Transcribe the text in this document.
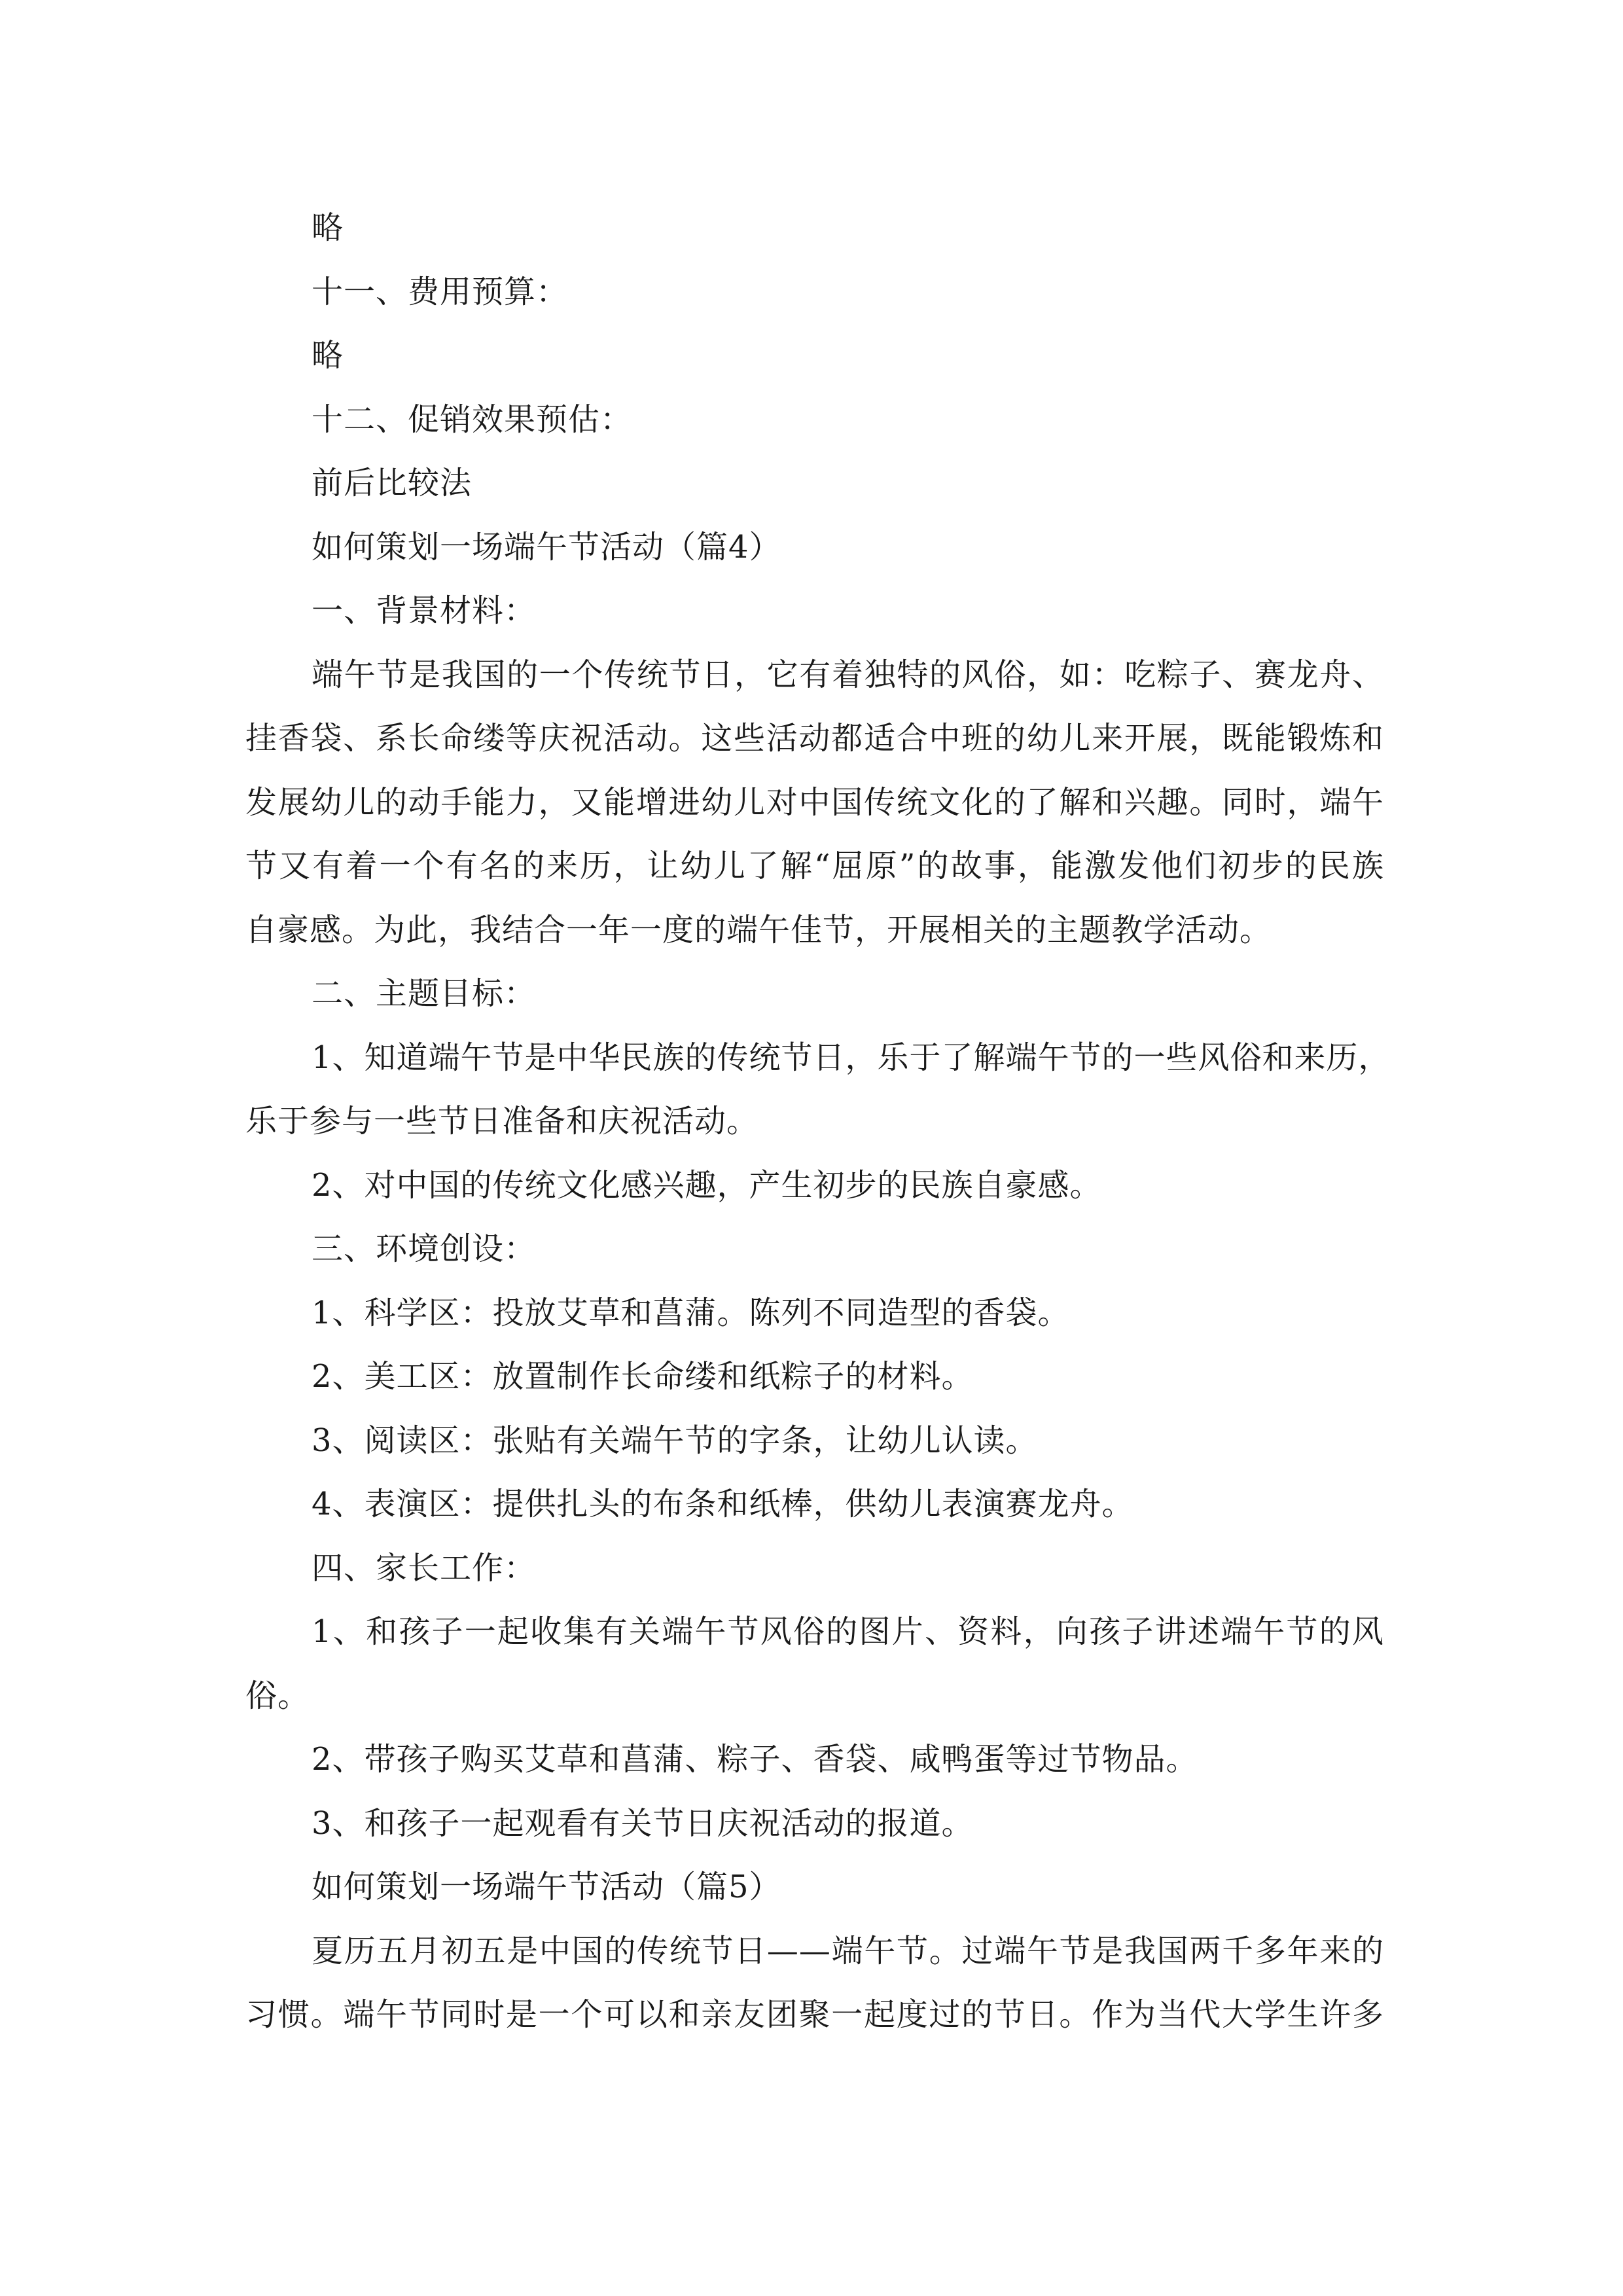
略
十一、费用预算：
略
十二、促销效果预估：
前后比较法
如何策划一场端午节活动（篇4）
一、背景材料：
端午节是我国的一个传统节日，它有着独特的风俗，如：吃粽子、赛龙舟、
挂香袋、系长命缕等庆祝活动。这些活动都适合中班的幼儿来开展，既能锻炼和
发展幼儿的动手能力，又能增进幼儿对中国传统文化的了解和兴趣。同时，端午
节又有着一个有名的来历，让幼儿了解“屈原”的故事，能激发他们初步的民族
自豪感。为此，我结合一年一度的端午佳节，开展相关的主题教学活动。
二、主题目标：
1、知道端午节是中华民族的传统节日，乐于了解端午节的一些风俗和来历，
乐于参与一些节日准备和庆祝活动。
2、对中国的传统文化感兴趣，产生初步的民族自豪感。
三、环境创设：
1、科学区：投放艾草和菖蒲。陈列不同造型的香袋。
2、美工区：放置制作长命缕和纸粽子的材料。
3、阅读区：张贴有关端午节的字条，让幼儿认读。
4、表演区：提供扎头的布条和纸棒，供幼儿表演赛龙舟。
四、家长工作：
1、和孩子一起收集有关端午节风俗的图片、资料，向孩子讲述端午节的风
俗。
2、带孩子购买艾草和菖蒲、粽子、香袋、咸鸭蛋等过节物品。
3、和孩子一起观看有关节日庆祝活动的报道。
如何策划一场端午节活动（篇5）
夏历五月初五是中国的传统节日——端午节。过端午节是我国两千多年来的
习惯。端午节同时是一个可以和亲友团聚一起度过的节日。作为当代大学生许多
